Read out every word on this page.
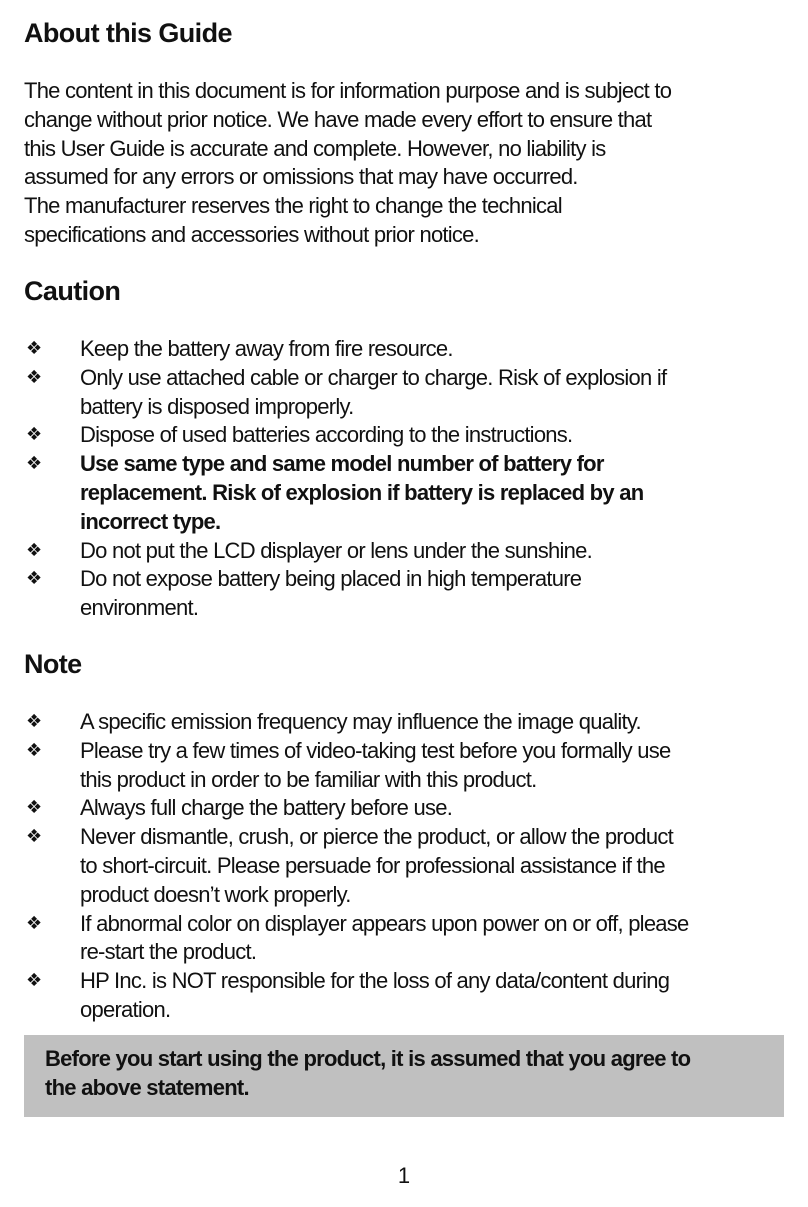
About this Guide
The content in this document is for information purpose and is subject to
change without prior notice. We have made every effort to ensure that
this User Guide is accurate and complete. However, no liability is
assumed for any errors or omissions that may have occurred.
The manufacturer reserves the right to change the technical
specifications and accessories without prior notice.
Caution
❖ Keep the battery away from fire resource.
❖ Only use attached cable or charger to charge. Risk of explosion if
battery is disposed improperly.
❖ Dispose of used batteries according to the instructions.
❖ Use same type and same model number of battery for
replacement. Risk of explosion if battery is replaced by an
incorrect type.
❖ Do not put the LCD displayer or lens under the sunshine.
❖ Do not expose battery being placed in high temperature
environment.
Note
❖ A specific emission frequency may influence the image quality.
❖ Please try a few times of video-taking test before you formally use
this product in order to be familiar with this product.
❖ Always full charge the battery before use.
❖ Never dismantle, crush, or pierce the product, or allow the product
to short-circuit. Please persuade for professional assistance if the
product doesn’t work properly.
❖ If abnormal color on displayer appears upon power on or off, please
re-start the product.
❖ HP Inc. is NOT responsible for the loss of any data/content during
operation.
Before you start using the product, it is assumed that you agree to
the above statement.
1
